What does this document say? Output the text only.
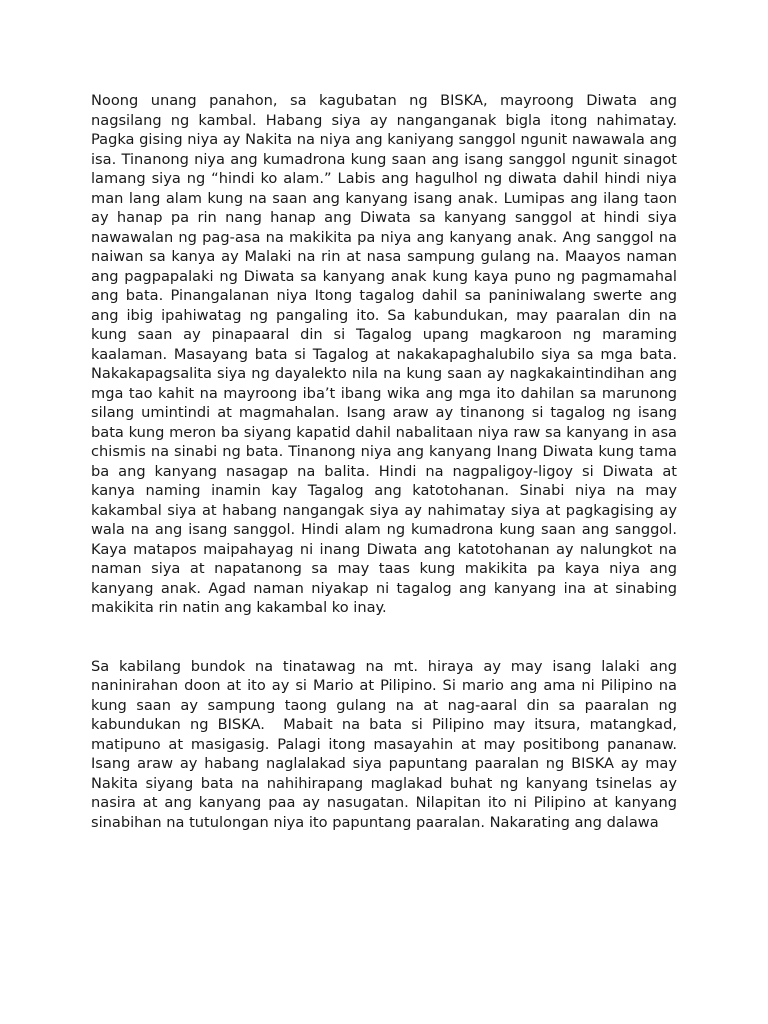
Noong unang panahon, sa kagubatan ng BISKA, mayroong Diwata ang nagsilang ng kambal. Habang siya ay nanganganak bigla itong nahimatay. Pagka gising niya ay Nakita na niya ang kaniyang sanggol ngunit nawawala ang isa. Tinanong niya ang kumadrona kung saan ang isang sanggol ngunit sinagot lamang siya ng “hindi ko alam.” Labis ang hagulhol ng diwata dahil hindi niya man lang alam kung na saan ang kanyang isang anak. Lumipas ang ilang taon ay hanap pa rin nang hanap ang Diwata sa kanyang sanggol at hindi siya nawawalan ng pag-asa na makikita pa niya ang kanyang anak. Ang sanggol na naiwan sa kanya ay Malaki na rin at nasa sampung gulang na. Maayos naman ang pagpapalaki ng Diwata sa kanyang anak kung kaya puno ng pagmamahal ang bata. Pinangalanan niya Itong tagalog dahil sa paniniwalang swerte ang ang ibig ipahiwatag ng pangaling ito. Sa kabundukan, may paaralan din na kung saan ay pinapaaral din si Tagalog upang magkaroon ng maraming kaalaman. Masayang bata si Tagalog at nakakapaghalubilo siya sa mga bata. Nakakapagsalita siya ng dayalekto nila na kung saan ay nagkakaintindihan ang mga tao kahit na mayroong iba’t ibang wika ang mga ito dahilan sa marunong silang umintindi at magmahalan. Isang araw ay tinanong si tagalog ng isang bata kung meron ba siyang kapatid dahil nabalitaan niya raw sa kanyang in asa chismis na sinabi ng bata. Tinanong niya ang kanyang Inang Diwata kung tama ba ang kanyang nasagap na balita. Hindi na nagpaligoy-ligoy si Diwata at kanya naming inamin kay Tagalog ang katotohanan. Sinabi niya na may kakambal siya at habang nangangak siya ay nahimatay siya at pagkagising ay wala na ang isang sanggol. Hindi alam ng kumadrona kung saan ang sanggol. Kaya matapos maipahayag ni inang Diwata ang katotohanan ay nalungkot na naman siya at napatanong sa may taas kung makikita pa kaya niya ang kanyang anak. Agad naman niyakap ni tagalog ang kanyang ina at sinabing makikita rin natin ang kakambal ko inay.

Sa kabilang bundok na tinatawag na mt. hiraya ay may isang lalaki ang naninirahan doon at ito ay si Mario at Pilipino. Si mario ang ama ni Pilipino na kung saan ay sampung taong gulang na at nag-aaral din sa paaralan ng kabundukan ng BISKA.  Mabait na bata si Pilipino may itsura, matangkad, matipuno at masigasig. Palagi itong masayahin at may positibong pananaw. Isang araw ay habang naglalakad siya papuntang paaralan ng BISKA ay may Nakita siyang bata na nahihirapang maglakad buhat ng kanyang tsinelas ay nasira at ang kanyang paa ay nasugatan. Nilapitan ito ni Pilipino at kanyang sinabihan na tutulongan niya ito papuntang paaralan. Nakarating ang dalawa
